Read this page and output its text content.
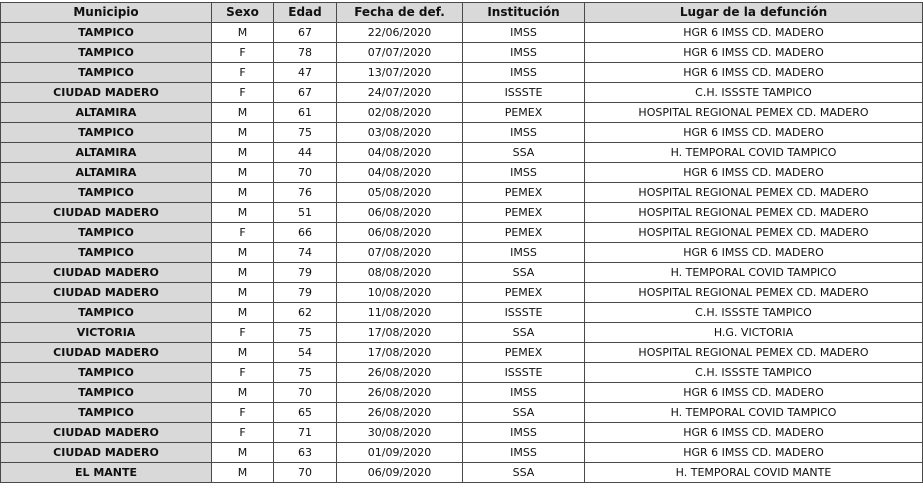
Municipio	Sexo	Edad	Fecha de def.	Institución	Lugar de la defunción
TAMPICO	M	67	22/06/2020	IMSS	HGR 6 IMSS CD. MADERO
TAMPICO	F	78	07/07/2020	IMSS	HGR 6 IMSS CD. MADERO
TAMPICO	F	47	13/07/2020	IMSS	HGR 6 IMSS CD. MADERO
CIUDAD MADERO	F	67	24/07/2020	ISSSTE	C.H. ISSSTE TAMPICO
ALTAMIRA	M	61	02/08/2020	PEMEX	HOSPITAL REGIONAL PEMEX CD. MADERO
TAMPICO	M	75	03/08/2020	IMSS	HGR 6 IMSS CD. MADERO
ALTAMIRA	M	44	04/08/2020	SSA	H. TEMPORAL COVID TAMPICO
ALTAMIRA	M	70	04/08/2020	IMSS	HGR 6 IMSS CD. MADERO
TAMPICO	M	76	05/08/2020	PEMEX	HOSPITAL REGIONAL PEMEX CD. MADERO
CIUDAD MADERO	M	51	06/08/2020	PEMEX	HOSPITAL REGIONAL PEMEX CD. MADERO
TAMPICO	F	66	06/08/2020	PEMEX	HOSPITAL REGIONAL PEMEX CD. MADERO
TAMPICO	M	74	07/08/2020	IMSS	HGR 6 IMSS CD. MADERO
CIUDAD MADERO	M	79	08/08/2020	SSA	H. TEMPORAL COVID TAMPICO
CIUDAD MADERO	M	79	10/08/2020	PEMEX	HOSPITAL REGIONAL PEMEX CD. MADERO
TAMPICO	M	62	11/08/2020	ISSSTE	C.H. ISSSTE TAMPICO
VICTORIA	F	75	17/08/2020	SSA	H.G. VICTORIA
CIUDAD MADERO	M	54	17/08/2020	PEMEX	HOSPITAL REGIONAL PEMEX CD. MADERO
TAMPICO	F	75	26/08/2020	ISSSTE	C.H. ISSSTE TAMPICO
TAMPICO	M	70	26/08/2020	IMSS	HGR 6 IMSS CD. MADERO
TAMPICO	F	65	26/08/2020	SSA	H. TEMPORAL COVID TAMPICO
CIUDAD MADERO	F	71	30/08/2020	IMSS	HGR 6 IMSS CD. MADERO
CIUDAD MADERO	M	63	01/09/2020	IMSS	HGR 6 IMSS CD. MADERO
EL MANTE	M	70	06/09/2020	SSA	H. TEMPORAL COVID MANTE
